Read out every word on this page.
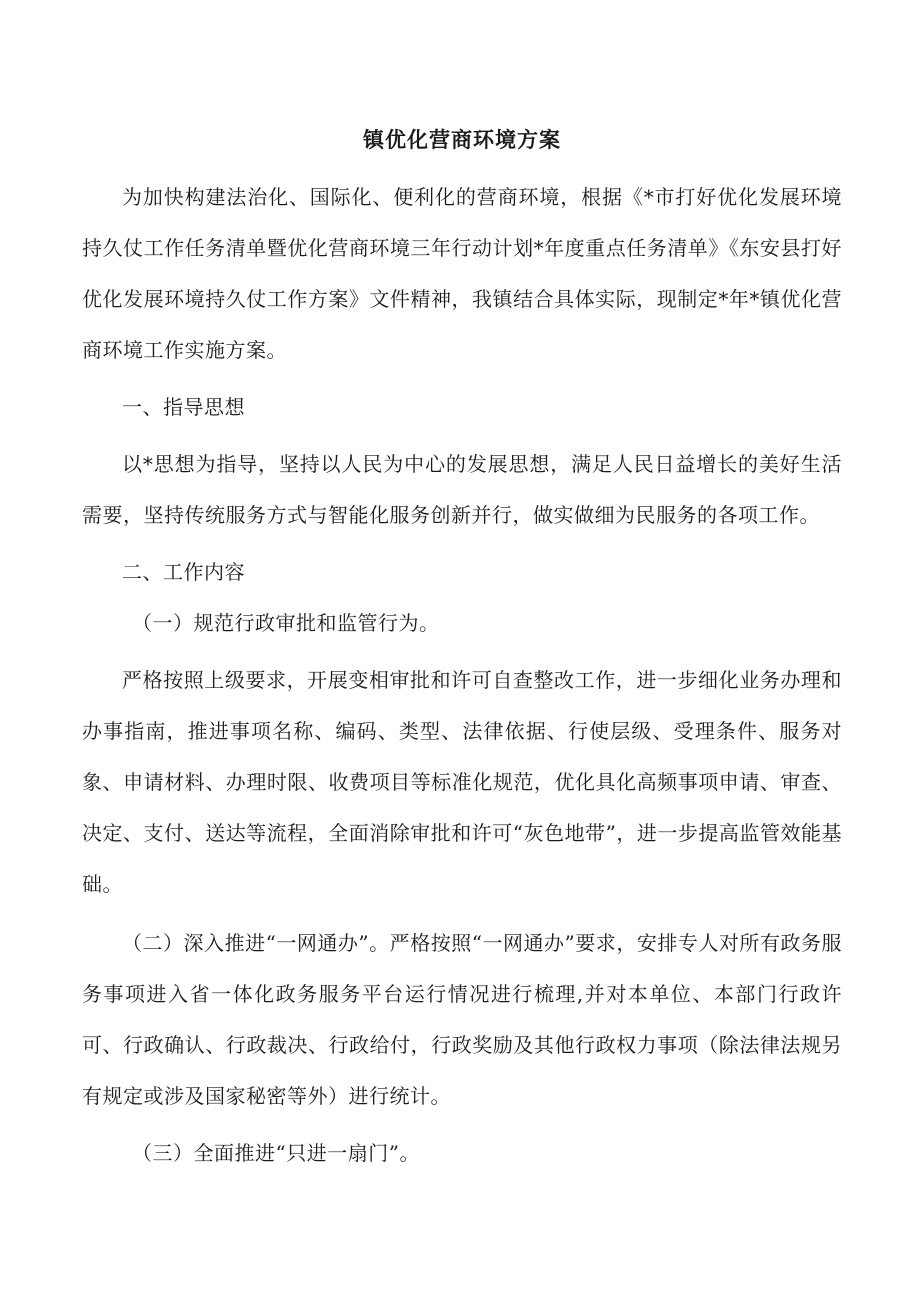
镇优化营商环境方案

为加快构建法治化、国际化、便利化的营商环境，根据《*市打好优化发展环境持久仗工作任务清单暨优化营商环境三年行动计划*年度重点任务清单》《东安县打好优化发展环境持久仗工作方案》文件精神，我镇结合具体实际，现制定*年*镇优化营商环境工作实施方案。

一、指导思想

以*思想为指导，坚持以人民为中心的发展思想，满足人民日益增长的美好生活需要，坚持传统服务方式与智能化服务创新并行，做实做细为民服务的各项工作。

二、工作内容

（一）规范行政审批和监管行为。

严格按照上级要求，开展变相审批和许可自查整改工作，进一步细化业务办理和办事指南，推进事项名称、编码、类型、法律依据、行使层级、受理条件、服务对象、申请材料、办理时限、收费项目等标准化规范，优化具化高频事项申请、审查、决定、支付、送达等流程，全面消除审批和许可“灰色地带”，进一步提高监管效能基础。

（二）深入推进“一网通办”。严格按照“一网通办”要求，安排专人对所有政务服务事项进入省一体化政务服务平台运行情况进行梳理,并对本单位、本部门行政许可、行政确认、行政裁决、行政给付，行政奖励及其他行政权力事项（除法律法规另有规定或涉及国家秘密等外）进行统计。

（三）全面推进“只进一扇门”。
